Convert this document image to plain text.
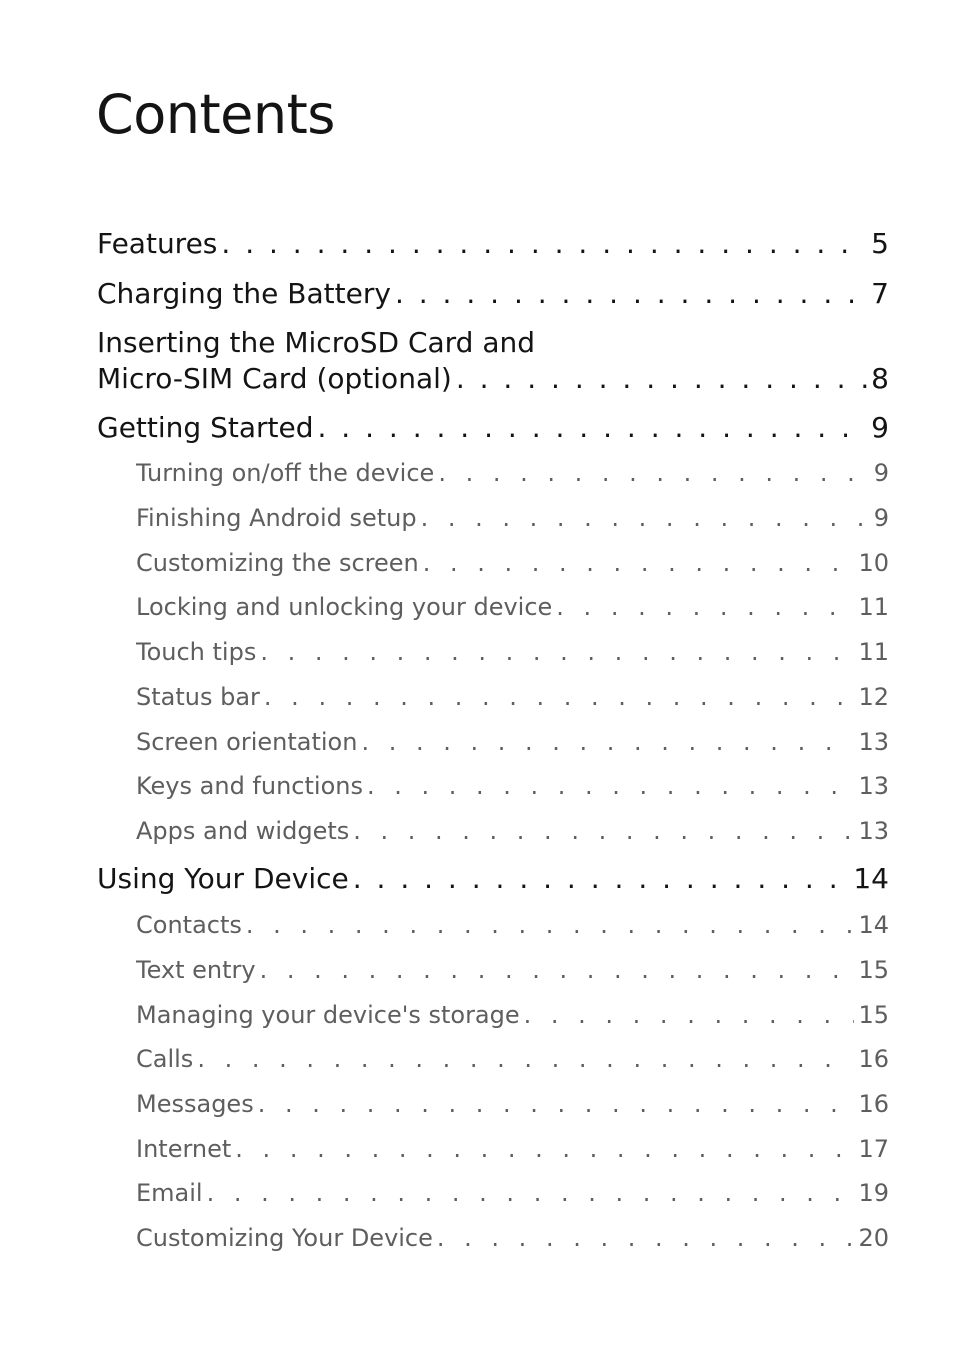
Contents
Features . . .	5
Charging the Battery . . .	7
Inserting the MicroSD Card and
Micro-SIM Card (optional) . . .	8
Getting Started . . .	9
Turning on/off the device . . .	9
Finishing Android setup . . .	9
Customizing the screen . . .	10
Locking and unlocking your device . . .	11
Touch tips . . .	11
Status bar . . .	12
Screen orientation . . .	13
Keys and functions . . .	13
Apps and widgets . . .	13
Using Your Device . . .	14
Contacts . . .	14
Text entry . . .	15
Managing your device's storage . . .	15
Calls . . .	16
Messages . . .	16
Internet . . .	17
Email . . .	19
Customizing Your Device . . .	20
